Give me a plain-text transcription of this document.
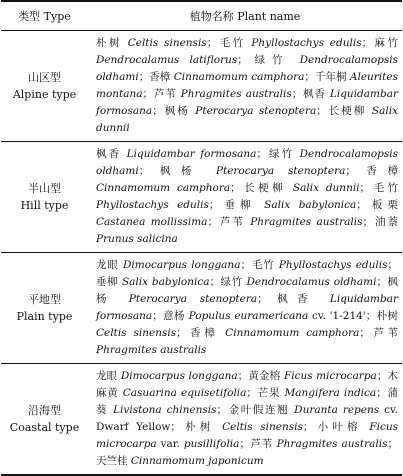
类型 Type	植物名称 Plant name

山区型
Alpine type	朴树 Celtis sinensis；毛竹 Phyllostachys edulis；麻竹 Dendrocalamus latiflorus；绿竹 Dendrocalamopsis oldhami；香樟 Cinnamomum camphora；千年桐 Aleurites montana；芦苇 Phragmites australis；枫香 Liquidambar formosana；枫杨 Pterocarya stenoptera；长梗柳 Salix dunnii

半山型
Hill type	枫香 Liquidambar formosana；绿竹 Dendrocalamopsis oldhami；枫杨 Pterocarya stenoptera；香樟 Cinnamomum camphora；长梗柳 Salix dunnii；毛竹 Phyllostachys edulis；垂柳 Salix babylonica；板栗 Castanea mollissima；芦苇 Phragmites australis；油萘 Prunus salicina

平地型
Plain type	龙眼 Dimocarpus longgana；毛竹 Phyllostachys edulis；垂柳 Salix babylonica；绿竹 Dendrocalamus oldhami；枫杨 Pterocarya stenoptera；枫香 Liquidambar formosana；意杨 Populus euramericana cv. '1-214'；朴树 Celtis sinensis；香樟 Cinnamomum camphora；芦苇 Phragmites australis

沿海型
Coastal type	龙眼 Dimocarpus longgana；黄金榕 Ficus microcarpa；木麻黄 Casuarina equisetifolia；芒果 Mangifera indica；蒲葵 Livistona chinensis；金叶假连翘 Duranta repens cv. Dwarf Yellow；朴树 Celtis sinensis；小叶榕 Ficus microcarpa var. pusillifolia；芦苇 Phragmites australis；天竺桂 Cinnamomum japonicum
